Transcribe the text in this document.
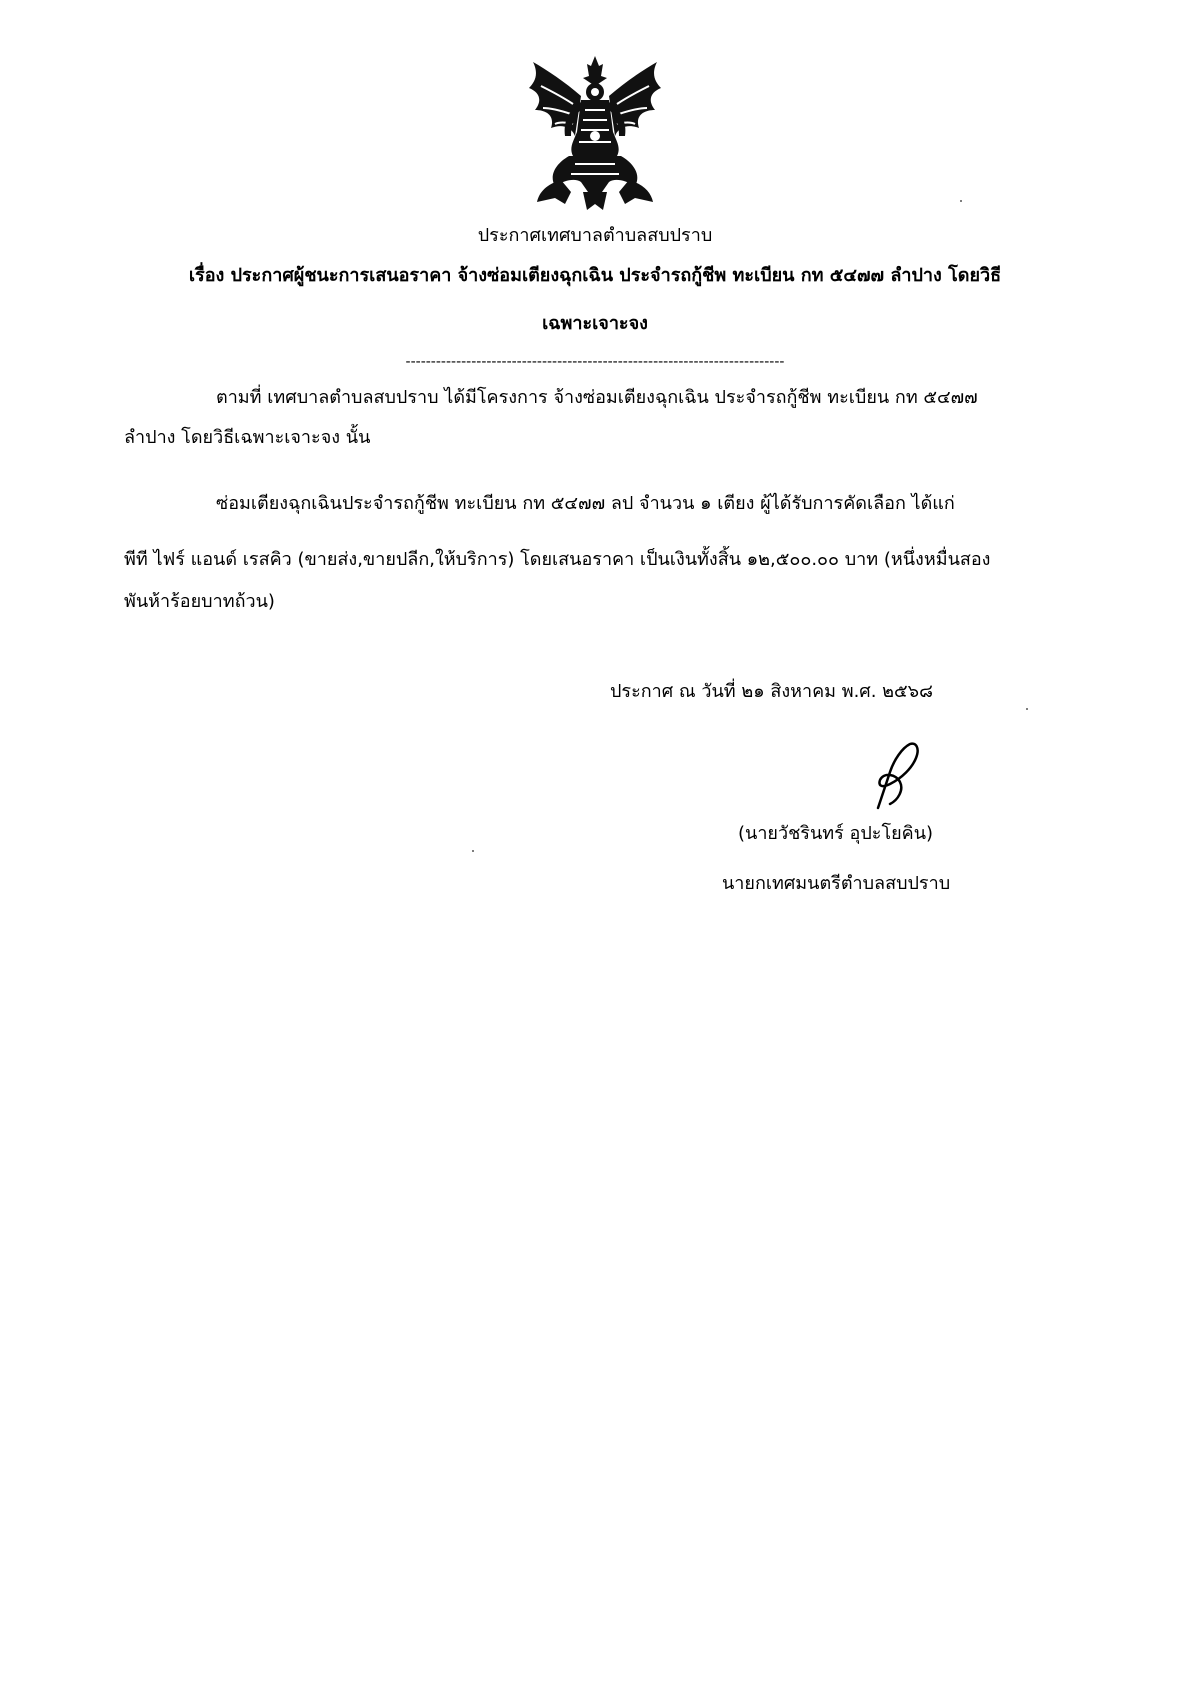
ประกาศเทศบาลตำบลสบปราบ
เรื่อง ประกาศผู้ชนะการเสนอราคา จ้างซ่อมเตียงฉุกเฉิน ประจำรถกู้ชีพ ทะเบียน กท ๕๔๗๗ ลำปาง โดยวิธี
เฉพาะเจาะจง
---------------------------------------------------------------------------
ตามที่ เทศบาลตำบลสบปราบ ได้มีโครงการ จ้างซ่อมเตียงฉุกเฉิน ประจำรถกู้ชีพ ทะเบียน กท ๕๔๗๗
ลำปาง โดยวิธีเฉพาะเจาะจง นั้น
ซ่อมเตียงฉุกเฉินประจำรถกู้ชีพ ทะเบียน กท ๕๔๗๗ ลป จำนวน ๑ เตียง ผู้ได้รับการคัดเลือก ได้แก่
พีที ไฟร์ แอนด์ เรสคิว (ขายส่ง,ขายปลีก,ให้บริการ) โดยเสนอราคา เป็นเงินทั้งสิ้น ๑๒,๕๐๐.๐๐ บาท (หนึ่งหมื่นสอง
พันห้าร้อยบาทถ้วน)
ประกาศ ณ วันที่ ๒๑ สิงหาคม พ.ศ. ๒๕๖๘
(นายวัชรินทร์ อุปะโยคิน)
นายกเทศมนตรีตำบลสบปราบ
